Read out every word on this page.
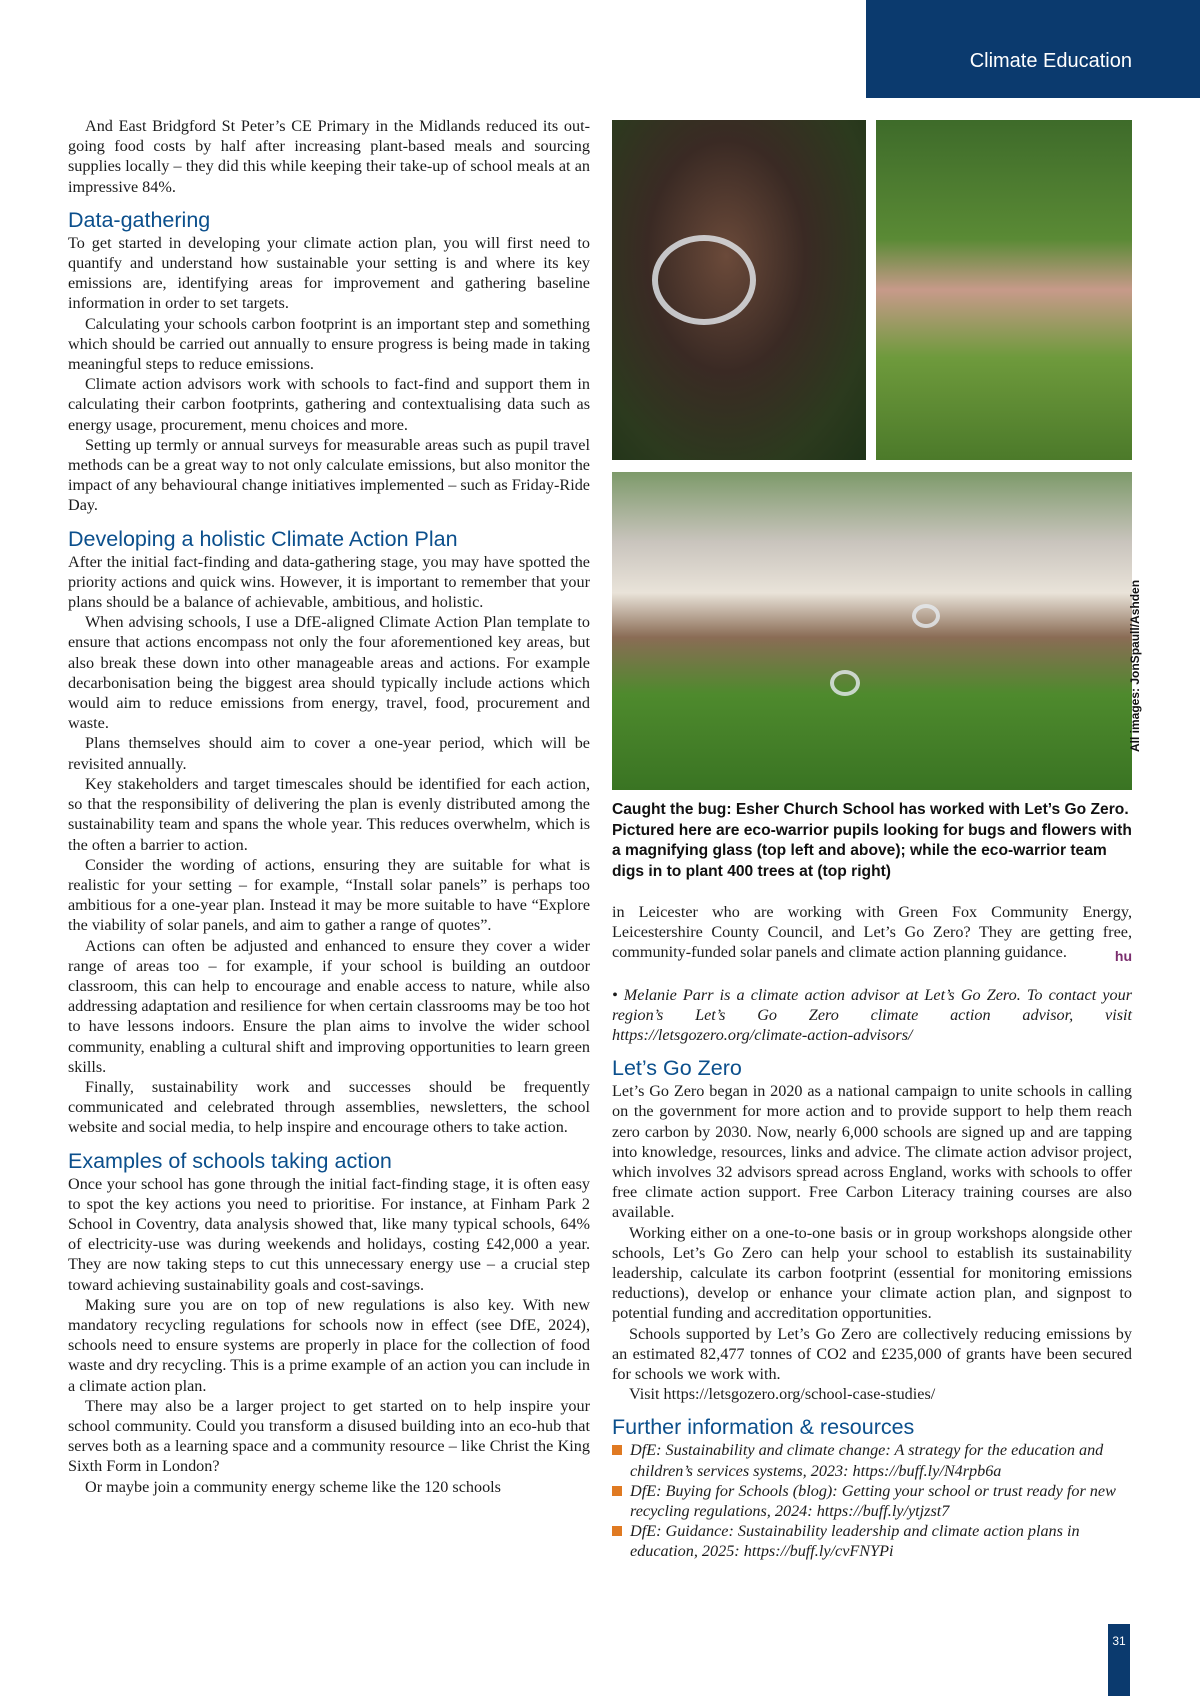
Climate Education

And East Bridgford St Peter’s CE Primary in the Midlands reduced its out-going food costs by half after increasing plant-based meals and sourcing supplies locally – they did this while keeping their take-up of school meals at an impressive 84%.

Data-gathering

To get started in developing your climate action plan, you will first need to quantify and understand how sustainable your setting is and where its key emissions are, identifying areas for improvement and gathering baseline information in order to set targets.

Calculating your schools carbon footprint is an important step and something which should be carried out annually to ensure progress is being made in taking meaningful steps to reduce emissions.

Climate action advisors work with schools to fact-find and support them in calculating their carbon footprints, gathering and contextualising data such as energy usage, procurement, menu choices and more.

Setting up termly or annual surveys for measurable areas such as pupil travel methods can be a great way to not only calculate emissions, but also monitor the impact of any behavioural change initiatives implemented – such as Friday-Ride Day.

Developing a holistic Climate Action Plan

After the initial fact-finding and data-gathering stage, you may have spotted the priority actions and quick wins. However, it is important to remember that your plans should be a balance of achievable, ambitious, and holistic.

When advising schools, I use a DfE-aligned Climate Action Plan template to ensure that actions encompass not only the four aforementioned key areas, but also break these down into other manageable areas and actions. For example decarbonisation being the biggest area should typically include actions which would aim to reduce emissions from energy, travel, food, procurement and waste.

Plans themselves should aim to cover a one-year period, which will be revisited annually.

Key stakeholders and target timescales should be identified for each action, so that the responsibility of delivering the plan is evenly distributed among the sustainability team and spans the whole year. This reduces overwhelm, which is the often a barrier to action.

Consider the wording of actions, ensuring they are suitable for what is realistic for your setting – for example, “Install solar panels” is perhaps too ambitious for a one-year plan. Instead it may be more suitable to have “Explore the viability of solar panels, and aim to gather a range of quotes”.

Actions can often be adjusted and enhanced to ensure they cover a wider range of areas too – for example, if your school is building an outdoor classroom, this can help to encourage and enable access to nature, while also addressing adaptation and resilience for when certain classrooms may be too hot to have lessons indoors. Ensure the plan aims to involve the wider school community, enabling a cultural shift and improving opportunities to learn green skills.

Finally, sustainability work and successes should be frequently communicated and celebrated through assemblies, newsletters, the school website and social media, to help inspire and encourage others to take action.

Examples of schools taking action

Once your school has gone through the initial fact-finding stage, it is often easy to spot the key actions you need to prioritise. For instance, at Finham Park 2 School in Coventry, data analysis showed that, like many typical schools, 64% of electricity-use was during weekends and holidays, costing £42,000 a year. They are now taking steps to cut this unnecessary energy use – a crucial step toward achieving sustainability goals and cost-savings.

Making sure you are on top of new regulations is also key. With new mandatory recycling regulations for schools now in effect (see DfE, 2024), schools need to ensure systems are properly in place for the collection of food waste and dry recycling. This is a prime example of an action you can include in a climate action plan.

There may also be a larger project to get started on to help inspire your school community. Could you transform a disused building into an eco-hub that serves both as a learning space and a community resource – like Christ the King Sixth Form in London?

Or maybe join a community energy scheme like the 120 schools

All images: JonSpaull/Ashden
Caught the bug: Esher Church School has worked with Let’s Go Zero. Pictured here are eco-warrior pupils looking for bugs and flowers with a magnifying glass (top left and above); while the eco-warrior team digs in to plant 400 trees at (top right)

in Leicester who are working with Green Fox Community Energy, Leicestershire County Council, and Let’s Go Zero? They are getting free, community-funded solar panels and climate action planning guidance.	hu

• Melanie Parr is a climate action advisor at Let’s Go Zero. To contact your region’s Let’s Go Zero climate action advisor, visit https://letsgozero.org/climate-action-advisors/

Let’s Go Zero

Let’s Go Zero began in 2020 as a national campaign to unite schools in calling on the government for more action and to provide support to help them reach zero carbon by 2030. Now, nearly 6,000 schools are signed up and are tapping into knowledge, resources, links and advice. The climate action advisor project, which involves 32 advisors spread across England, works with schools to offer free climate action support. Free Carbon Literacy training courses are also available.

Working either on a one-to-one basis or in group workshops alongside other schools, Let’s Go Zero can help your school to establish its sustainability leadership, calculate its carbon footprint (essential for monitoring emissions reductions), develop or enhance your climate action plan, and signpost to potential funding and accreditation opportunities.

Schools supported by Let’s Go Zero are collectively reducing emissions by an estimated 82,477 tonnes of CO2 and £235,000 of grants have been secured for schools we work with.

Visit https://letsgozero.org/school-case-studies/

Further information & resources
DfE: Sustainability and climate change: A strategy for the education and children’s services systems, 2023: https://buff.ly/N4rpb6a
DfE: Buying for Schools (blog): Getting your school or trust ready for new recycling regulations, 2024: https://buff.ly/ytjzst7
DfE: Guidance: Sustainability leadership and climate action plans in education, 2025: https://buff.ly/cvFNYPi
31
